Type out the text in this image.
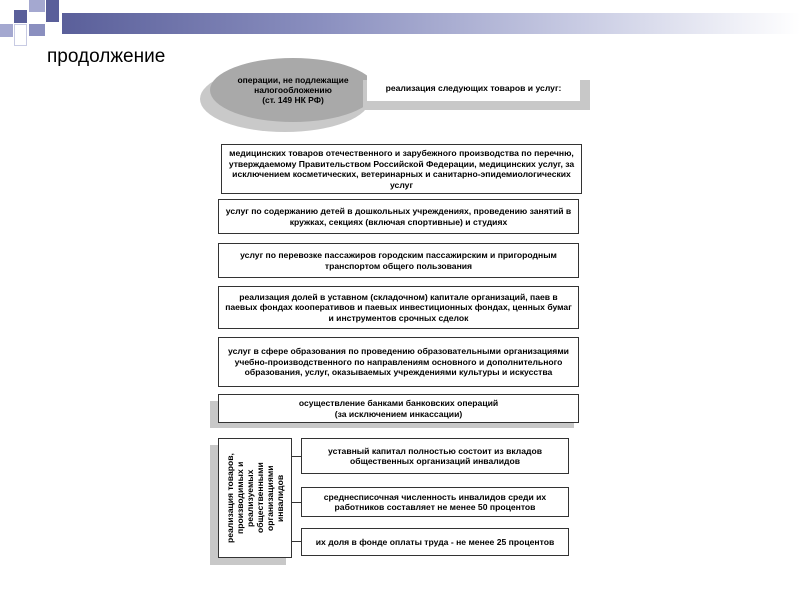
продолжение
операции, не подлежащие налогообложению
(ст. 149 НК РФ)
реализация следующих товаров и услуг:
медицинских товаров отечественного и зарубежного производства по перечню, утверждаемому Правительством Российской Федерации, медицинских услуг, за исключением косметических, ветеринарных и санитарно-эпидемиологических услуг
услуг по содержанию детей в дошкольных учреждениях, проведению занятий в кружках, секциях (включая спортивные) и студиях
услуг по перевозке пассажиров городским пассажирским и пригородным транспортом общего пользования
реализация долей в уставном (складочном) капитале организаций, паев в паевых фондах кооперативов и паевых инвестиционных фондах, ценных бумаг и инструментов срочных сделок
услуг в сфере образования по проведению образовательными организациями учебно-производственного по направлениям основного и дополнительного образования, услуг, оказываемых учреждениями культуры и искусства
осуществление банками банковских операций
(за исключением инкассации)
реализация товаров, производимых и реализуемых общественными организациями инвалидов
уставный капитал полностью состоит из вкладов общественных организаций инвалидов
среднесписочная численность инвалидов среди их работников составляет не менее 50 процентов
их доля в фонде оплаты труда - не менее 25 процентов
